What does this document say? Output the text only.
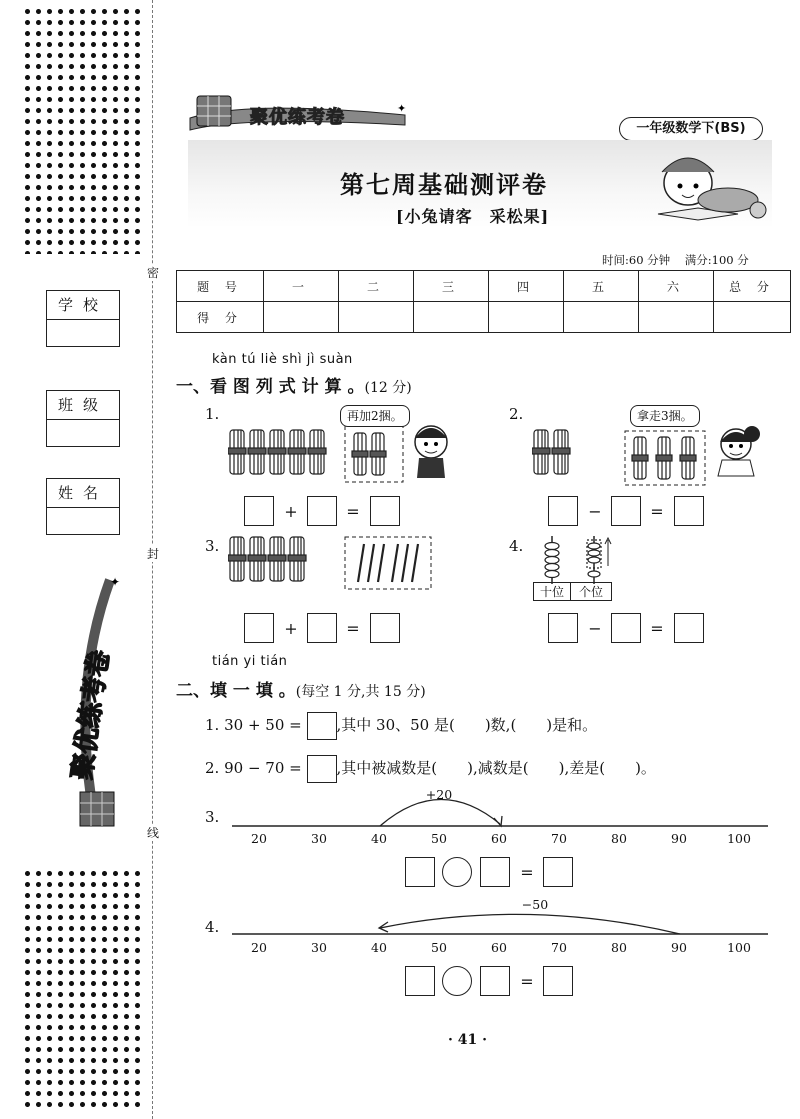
密
封
线
学校
班级
姓名
聚优练考卷
✦
✦
聚优练考卷
一年级数学下(BS)
第七周基础测评卷
[小兔请客　采松果]
时间:60 分钟 满分:100 分
题 号	一	二	三	四	五	六	总 分
得 分							
kàn tú liè shì jì suàn
一、看 图 列 式 计 算 。(12 分)
1.	再加2捆。
+	=
2.	拿走3捆。
−	=
3.
+	=
4.
十位 个位
−	=
tián yi tián
二、填 一 填 。(每空 1 分,共 15 分)
1. 30 + 50 = ,其中 30、50 是(　　)数,(　　)是和。
2. 90 − 70 = ,其中被减数是(　　),减数是(　　),差是(　　)。
3.
+20
20	30	40	50	60	70	80	90	100
=
4.
−50
20	30	40	50	60	70	80	90	100
=
· 41 ·
